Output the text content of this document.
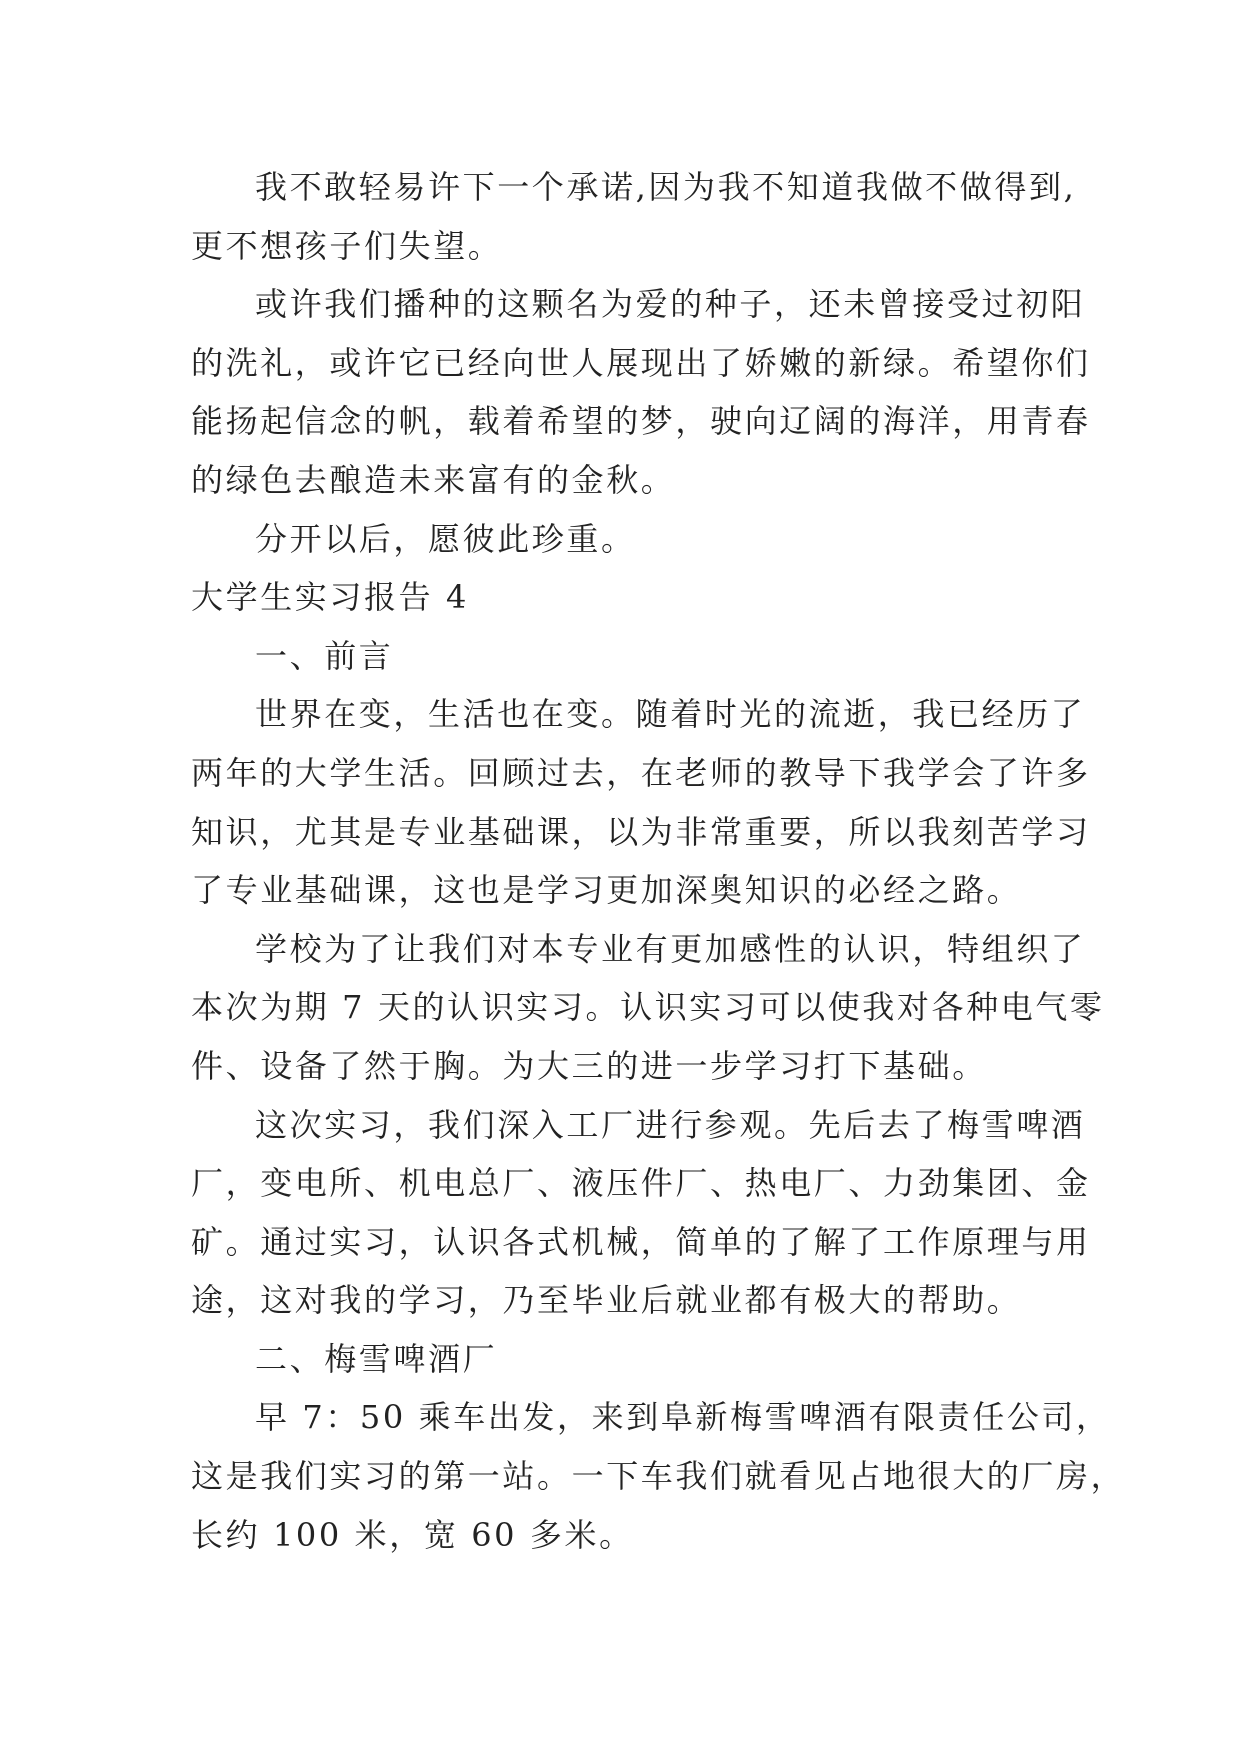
我不敢轻易许下一个承诺,因为我不知道我做不做得到,
更不想孩子们失望。
或许我们播种的这颗名为爱的种子，还未曾接受过初阳
的洗礼，或许它已经向世人展现出了娇嫩的新绿。希望你们
能扬起信念的帆，载着希望的梦，驶向辽阔的海洋，用青春
的绿色去酿造未来富有的金秋。
分开以后，愿彼此珍重。
大学生实习报告 4
一、前言
世界在变，生活也在变。随着时光的流逝，我已经历了
两年的大学生活。回顾过去，在老师的教导下我学会了许多
知识，尤其是专业基础课，以为非常重要，所以我刻苦学习
了专业基础课，这也是学习更加深奥知识的必经之路。
学校为了让我们对本专业有更加感性的认识，特组织了
本次为期 7 天的认识实习。认识实习可以使我对各种电气零
件、设备了然于胸。为大三的进一步学习打下基础。
这次实习，我们深入工厂进行参观。先后去了梅雪啤酒
厂，变电所、机电总厂、液压件厂、热电厂、力劲集团、金
矿。通过实习，认识各式机械，简单的了解了工作原理与用
途，这对我的学习，乃至毕业后就业都有极大的帮助。
二、梅雪啤酒厂
早 7：50 乘车出发，来到阜新梅雪啤酒有限责任公司，
这是我们实习的第一站。一下车我们就看见占地很大的厂房，
长约 100 米，宽 60 多米。
